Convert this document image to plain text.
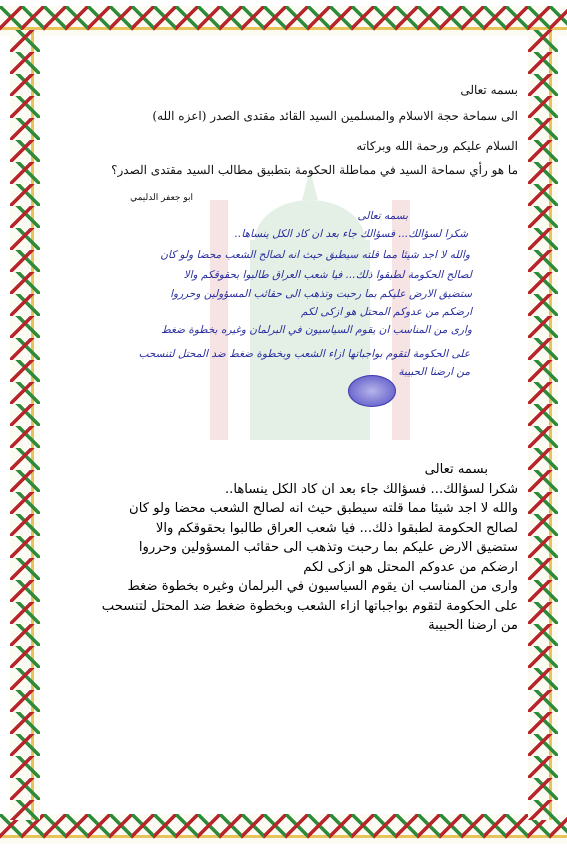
بسمه تعالى
الى سماحة حجة الاسلام والمسلمين السيد القائد مقتدى الصدر (اعزه الله)
السلام عليكم ورحمة الله وبركاته
ما هو رأي سماحة السيد في مماطلة الحكومة بتطبيق مطالب السيد مقتدى الصدر؟
ابو جعفر الدليمي
بسمه تعالى
شكرا لسؤالك... فسؤالك جاء بعد ان كاد الكل ينساها..
والله لا اجد شيئا مما قلته سيطبق حيث انه لصالح الشعب محضا ولو كان
لصالح الحكومة لطبقوا ذلك... فيا شعب العراق طالبوا بحقوقكم والا
ستضيق الارض عليكم بما رحبت وتذهب الى حقائب المسؤولين وحرروا
ارضكم من عدوكم المحتل هو ازكى لكم
وارى من المناسب ان يقوم السياسيون في البرلمان وغيره بخطوة ضغط
على الحكومة لتقوم بواجباتها ازاء الشعب وبخطوة ضغط ضد المحتل لتنسحب
من ارضنا الحبيبة
بسمه تعالى
شكرا لسؤالك... فسؤالك جاء بعد ان كاد الكل ينساها..
والله لا اجد شيئا مما قلته سيطبق حيث انه لصالح الشعب محضا ولو كان
لصالح الحكومة لطبقوا ذلك... فيا شعب العراق طالبوا بحقوقكم والا
ستضيق الارض عليكم بما رحبت وتذهب الى حقائب المسؤولين وحرروا
ارضكم من عدوكم المحتل هو ازكى لكم
وارى من المناسب ان يقوم السياسيون في البرلمان وغيره بخطوة ضغط
على الحكومة لتقوم بواجباتها ازاء الشعب وبخطوة ضغط ضد المحتل لتنسحب
من ارضنا الحبيبة
